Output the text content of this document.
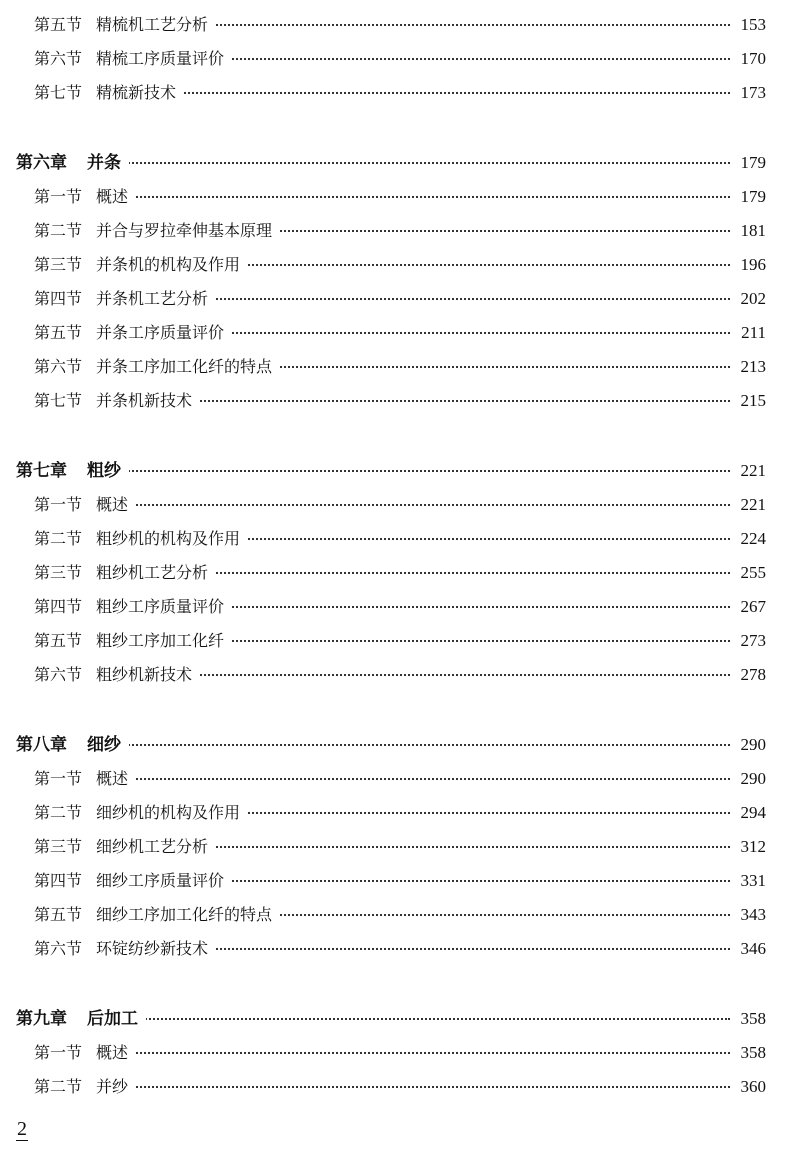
第五节 精梳机工艺分析	153
第六节 精梳工序质量评价	170
第七节 精梳新技术	173
第六章 并条	179
第一节 概述	179
第二节 并合与罗拉牵伸基本原理	181
第三节 并条机的机构及作用	196
第四节 并条机工艺分析	202
第五节 并条工序质量评价	211
第六节 并条工序加工化纤的特点	213
第七节 并条机新技术	215
第七章 粗纱	221
第一节 概述	221
第二节 粗纱机的机构及作用	224
第三节 粗纱机工艺分析	255
第四节 粗纱工序质量评价	267
第五节 粗纱工序加工化纤	273
第六节 粗纱机新技术	278
第八章 细纱	290
第一节 概述	290
第二节 细纱机的机构及作用	294
第三节 细纱机工艺分析	312
第四节 细纱工序质量评价	331
第五节 细纱工序加工化纤的特点	343
第六节 环锭纺纱新技术	346
第九章 后加工	358
第一节 概述	358
第二节 并纱	360
2
